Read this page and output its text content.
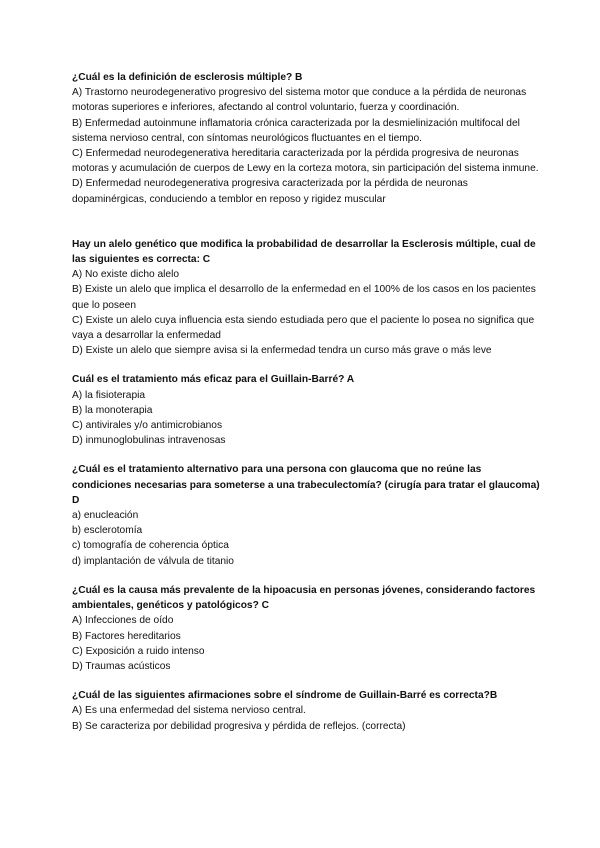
¿Cuál es la definición de esclerosis múltiple? B

A) Trastorno neurodegenerativo progresivo del sistema motor que conduce a la pérdida de neuronas motoras superiores e inferiores, afectando al control voluntario, fuerza y coordinación.

B) Enfermedad autoinmune inflamatoria crónica caracterizada por la desmielinización multifocal del sistema nervioso central, con síntomas neurológicos fluctuantes en el tiempo.

C) Enfermedad neurodegenerativa hereditaria caracterizada por la pérdida progresiva de neuronas motoras y acumulación de cuerpos de Lewy en la corteza motora, sin participación del sistema inmune.

D) Enfermedad neurodegenerativa progresiva caracterizada por la pérdida de neuronas dopaminérgicas, conduciendo a temblor en reposo y rigidez muscular

Hay un alelo genético que modifica la probabilidad de desarrollar la Esclerosis múltiple, cual de las siguientes es correcta: C

A) No existe dicho alelo

B) Existe un alelo que implica el desarrollo de la enfermedad en el 100% de los casos en los pacientes que lo poseen

C) Existe un alelo cuya influencia esta siendo estudiada pero que el paciente lo posea no significa que vaya a desarrollar la enfermedad

D) Existe un alelo que siempre avisa si la enfermedad tendra un curso más grave o más leve

Cuál es el tratamiento más eficaz para el Guillain-Barré? A

A) la fisioterapia

B) la monoterapia

C) antivirales y/o antimicrobianos

D) inmunoglobulinas intravenosas

¿Cuál es el tratamiento alternativo para una persona con glaucoma que no reúne las condiciones necesarias para someterse a una trabeculectomía? (cirugía para tratar el glaucoma) D

a) enucleación

b) esclerotomía

c) tomografía de coherencia óptica

d) implantación de válvula de titanio

¿Cuál es la causa más prevalente de la hipoacusia en personas jóvenes, considerando factores ambientales, genéticos y patológicos? C

A) Infecciones de oído

B) Factores hereditarios

C) Exposición a ruido intenso

D) Traumas acústicos

¿Cuál de las siguientes afirmaciones sobre el síndrome de Guillain-Barré es correcta?B

A) Es una enfermedad del sistema nervioso central.

B) Se caracteriza por debilidad progresiva y pérdida de reflejos. (correcta)
